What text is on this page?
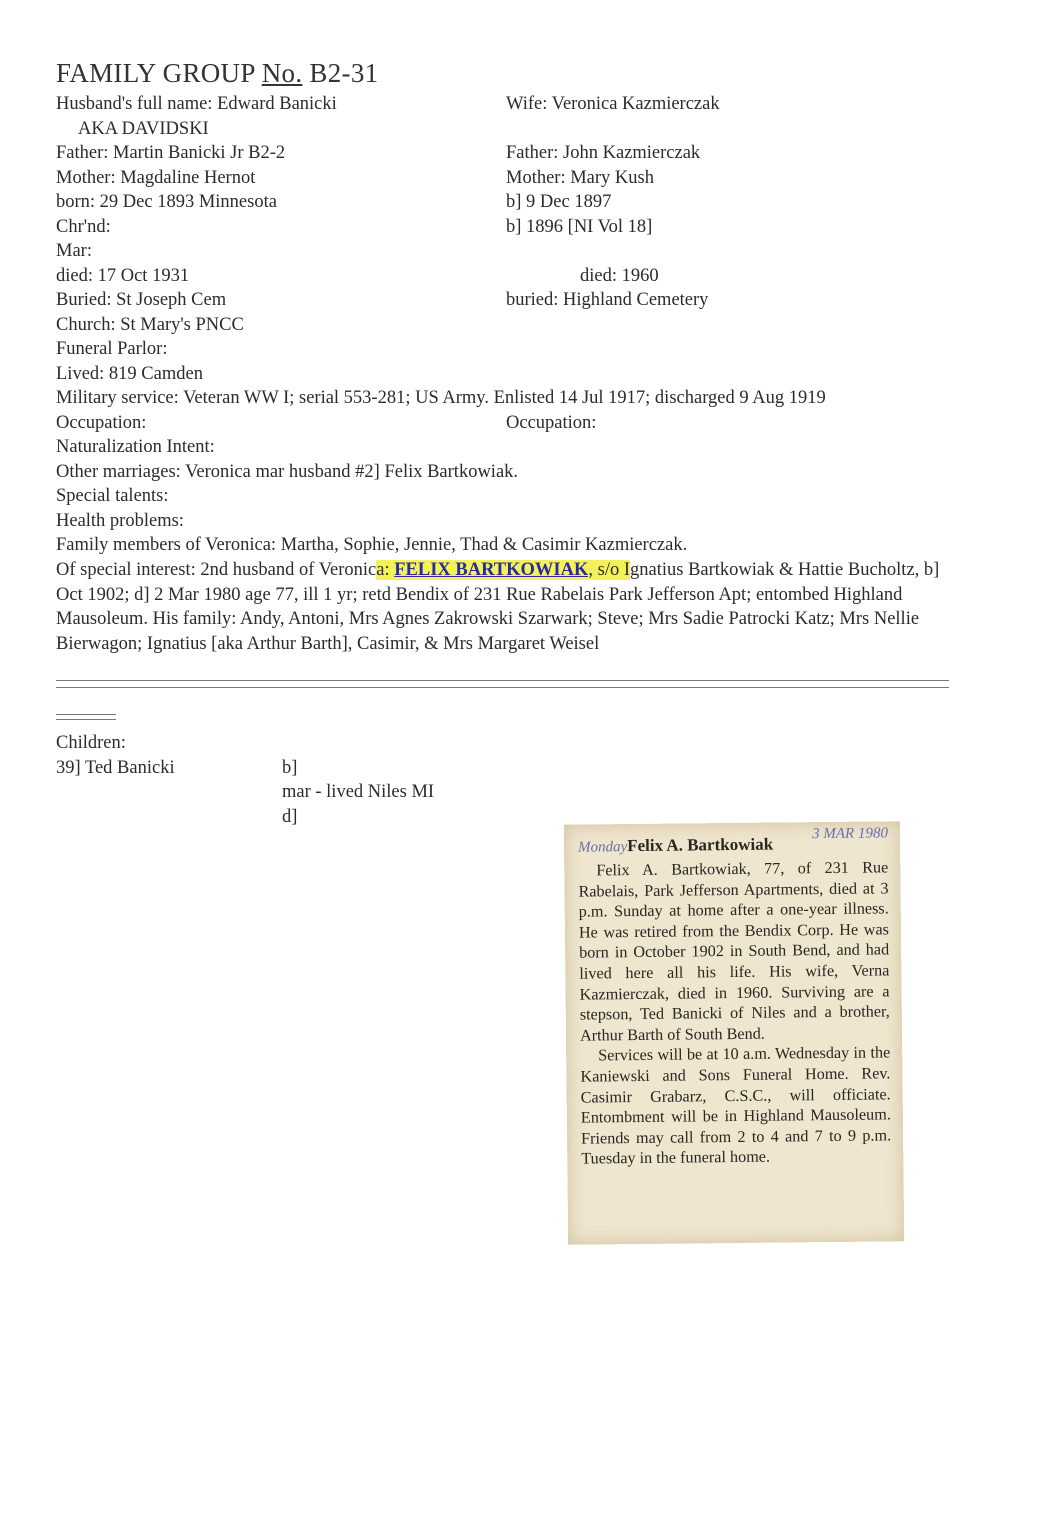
FAMILY GROUP No. B2-31
Husband's full name: Edward Banicki
AKA DAVIDSKI
Father: Martin Banicki Jr B2-2
Mother: Magdaline Hernot
born: 29 Dec 1893 Minnesota
Chr'nd:
Mar:
died: 17 Oct 1931
Buried: St Joseph Cem
Church: St Mary's PNCC
Funeral Parlor:
Lived: 819 Camden
Military service: Veteran WW I; serial 553-281; US Army. Enlisted 14 Jul 1917; discharged 9 Aug 1919
Occupation:
Naturalization Intent:
Other marriages: Veronica mar husband #2] Felix Bartkowiak.
Special talents:
Health problems:
Family members of Veronica: Martha, Sophie, Jennie, Thad & Casimir Kazmierczak.
Of special interest: 2nd husband of Veronica: FELIX BARTKOWIAK, s/o Ignatius Bartkowiak & Hattie Bucholtz, b] Oct 1902; d] 2 Mar 1980 age 77, ill 1 yr; retd Bendix of 231 Rue Rabelais Park Jefferson Apt; entombed Highland Mausoleum. His family: Andy, Antoni, Mrs Agnes Zakrowski Szarwark; Steve; Mrs Sadie Patrocki Katz; Mrs Nellie Bierwagon; Ignatius [aka Arthur Barth], Casimir, & Mrs Margaret Weisel
Wife: Veronica Kazmierczak
Father: John Kazmierczak
Mother: Mary Kush
b] 9 Dec 1897
b] 1896 [NI Vol 18]
died: 1960
buried: Highland Cemetery
Occupation:
Children:
39] Ted Banicki	b]
mar - lived Niles MI
d]
MondayFelix A. Bartkowiak
3 MAR 1980

Felix A. Bartkowiak, 77, of 231 Rue Rabelais, Park Jefferson Apartments, died at 3 p.m. Sunday at home after a one-year illness. He was retired from the Bendix Corp. He was born in October 1902 in South Bend, and had lived here all his life. His wife, Verna Kazmierczak, died in 1960. Surviving are a stepson, Ted Banicki of Niles and a brother, Arthur Barth of South Bend.

Services will be at 10 a.m. Wednesday in the Kaniewski and Sons Funeral Home. Rev. Casimir Grabarz, C.S.C., will officiate. Entombment will be in Highland Mausoleum. Friends may call from 2 to 4 and 7 to 9 p.m. Tuesday in the funeral home.
